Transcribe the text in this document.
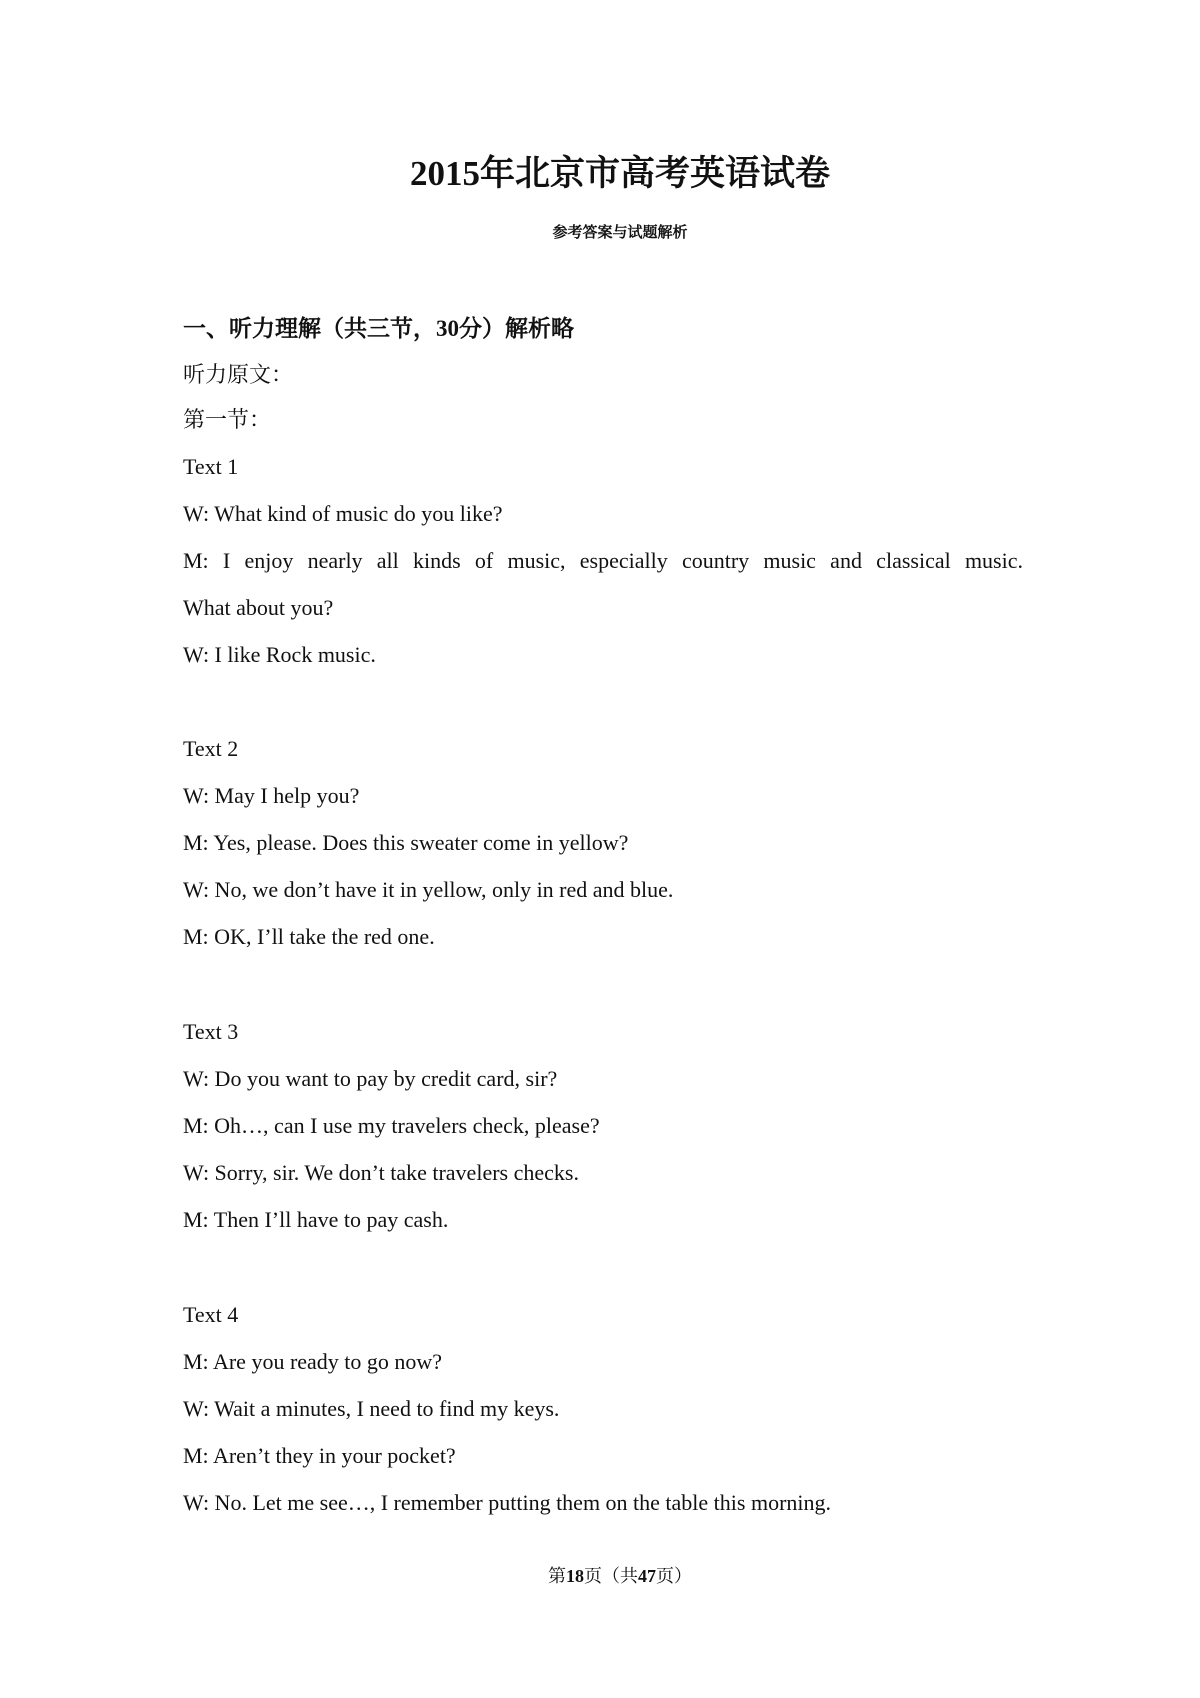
2015年北京市高考英语试卷
参考答案与试题解析
一、听力理解（共三节，30分）解析略
听力原文：
第一节：
Text 1
W: What kind of music do you like?
M: I enjoy nearly all kinds of music, especially country music and classical music.
What about you?
W: I like Rock music.
Text 2
W: May I help you?
M: Yes, please. Does this sweater come in yellow?
W: No, we don’t have it in yellow, only in red and blue.
M: OK, I’ll take the red one.
Text 3
W: Do you want to pay by credit card, sir?
M: Oh…, can I use my travelers check, please?
W: Sorry, sir. We don’t take travelers checks.
M: Then I’ll have to pay cash.
Text 4
M: Are you ready to go now?
W: Wait a minutes, I need to find my keys.
M: Aren’t they in your pocket?
W: No. Let me see…, I remember putting them on the table this morning.
第18页（共47页）
